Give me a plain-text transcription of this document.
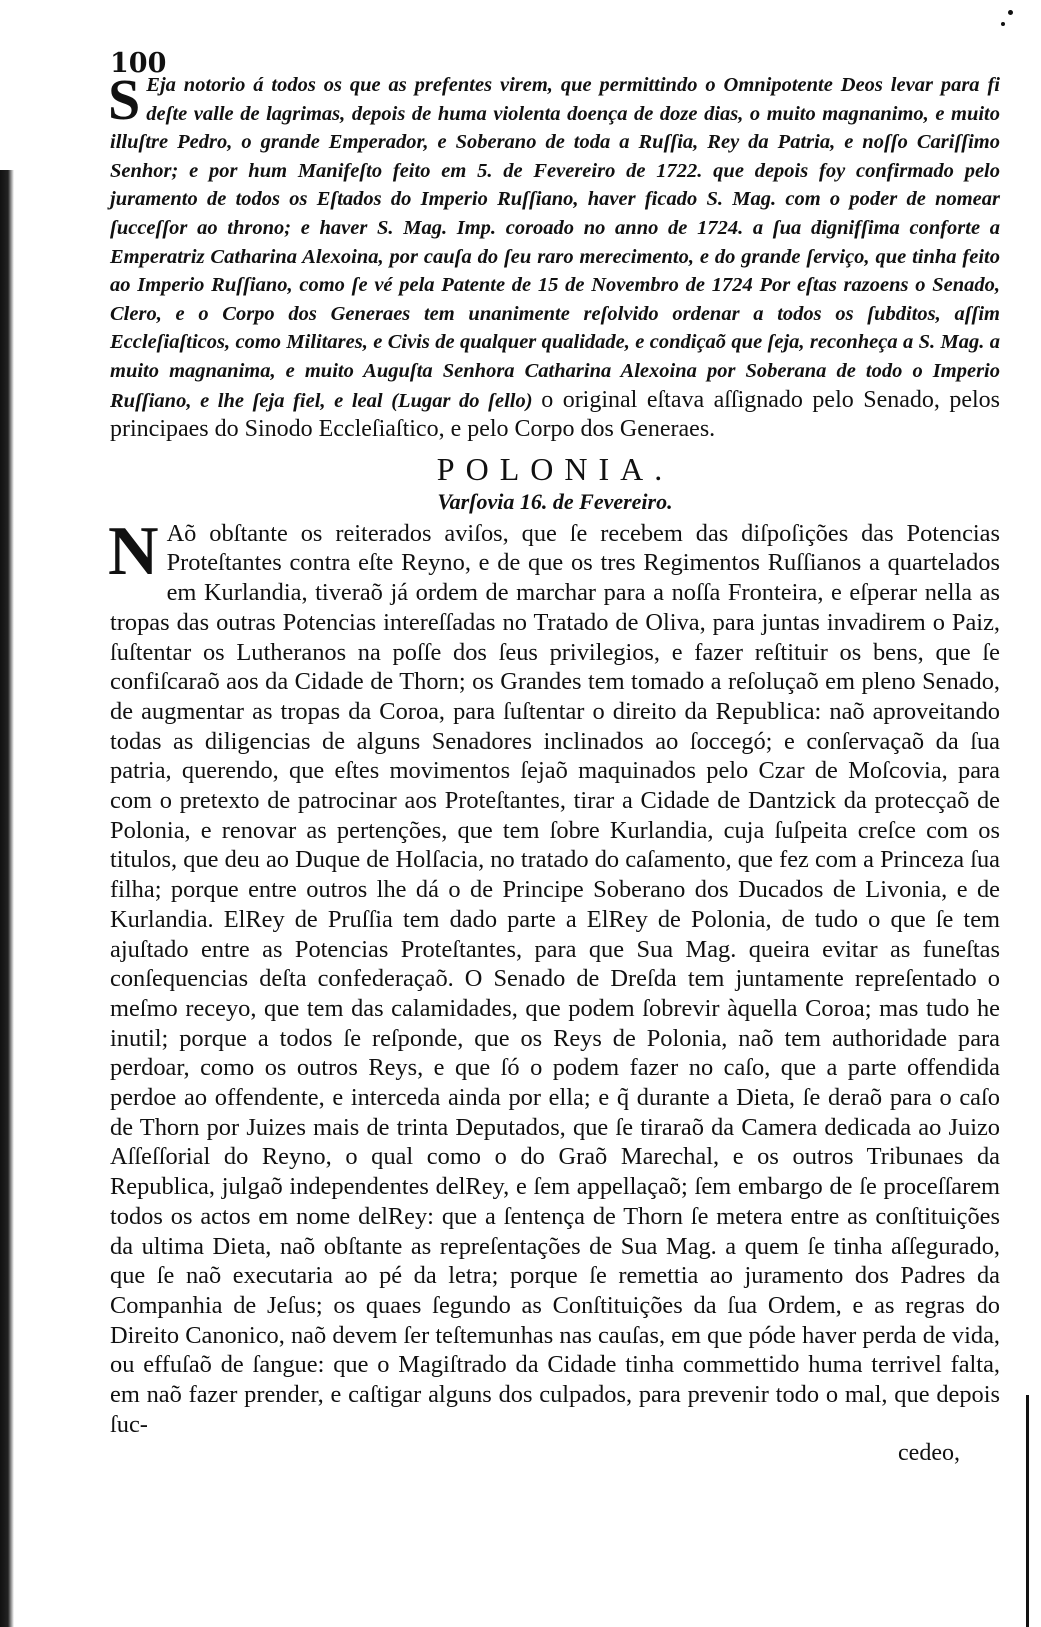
100
S Eja notorio á todos os que as prefentes virem, que permittindo o Omnipotente Deos levar para fi deſte valle de lagrimas, depois de huma violenta doença de doze dias, o muito magnanimo, e muito illuſtre Pedro, o grande Emperador, e Soberano de toda a Ruſſia, Rey da Patria, e noſſo Cariſſimo Senhor; e por hum Manifeſto feito em 5. de Fevereiro de 1722. que depois foy confirmado pelo juramento de todos os Eſtados do Imperio Ruſſiano, haver ficado S. Mag. com o poder de nomear ſucceſſor ao throno; e haver S. Mag. Imp. coroado no anno de 1724. a ſua dignifſima conforte a Emperatriz Catharina Alexoina, por cauſa do ſeu raro merecimento, e do grande ſerviço, que tinha feito ao Imperio Ruſſiano, como ſe vé pela Patente de 15 de Novembro de 1724 Por eſtas razoens o Senado, Clero, e o Corpo dos Generaes tem unanimente reſolvido ordenar a todos os ſubditos, aſſim Eccleſiaſticos, como Militares, e Civis de qualquer qualidade, e condiçaõ que ſeja, reconheça a S. Mag. a muito magnanima, e muito Auguſta Senhora Catharina Alexoina por Soberana de todo o Imperio Ruſſiano, e lhe ſeja fiel, e leal (Lugar do ſello) o original eſtava aſſignado pelo Senado, pelos principaes do Sinodo Eccleſiaſtico, e pelo Corpo dos Generaes.
POLONIA.
Varſovia 16. de Fevereiro.

N Aõ obſtante os reiterados aviſos, que ſe recebem das diſpoſições das Potencias Proteſtantes contra eſte Reyno, e de que os tres Regimentos Ruſſianos a quartelados em Kurlandia, tiveraõ já ordem de marchar para a noſſa Fronteira, e eſperar nella as tropas das outras Potencias intereſſadas no Tratado de Oliva, para juntas invadirem o Paiz, ſuſtentar os Lutheranos na poſſe dos ſeus privilegios, e fazer reſtituir os bens, que ſe confiſcaraõ aos da Cidade de Thorn; os Grandes tem tomado a reſoluçaõ em pleno Senado, de augmentar as tropas da Coroa, para ſuſtentar o direito da Republica: naõ aproveitando todas as diligencias de alguns Senadores inclinados ao ſoccegó; e conſervaçaõ da ſua patria, querendo, que eſtes movimentos ſejaõ maquinados pelo Czar de Moſcovia, para com o pretexto de patrocinar aos Proteſtantes, tirar a Cidade de Dantzick da protecçaõ de Polonia, e renovar as pertenções, que tem ſobre Kurlandia, cuja ſuſpeita creſce com os titulos, que deu ao Duque de Holſacia, no tratado do caſamento, que fez com a Princeza ſua filha; porque entre outros lhe dá o de Principe Soberano dos Ducados de Livonia, e de Kurlandia. ElRey de Pruſſia tem dado parte a ElRey de Polonia, de tudo o que ſe tem ajuſtado entre as Potencias Proteſtantes, para que Sua Mag. queira evitar as funeſtas conſequencias deſta confederaçaõ. O Senado de Dreſda tem juntamente repreſentado o meſmo receyo, que tem das calamidades, que podem ſobrevir àquella Coroa; mas tudo he inutil; porque a todos ſe reſponde, que os Reys de Polonia, naõ tem authoridade para perdoar, como os outros Reys, e que ſó o podem fazer no caſo, que a parte offendida perdoe ao offendente, e interceda ainda por ella; e q̃ durante a Dieta, ſe deraõ para o caſo de Thorn por Juizes mais de trinta Deputados, que ſe tiraraõ da Camera dedicada ao Juizo Aſſeſſorial do Reyno, o qual como o do Graõ Marechal, e os outros Tribunaes da Republica, julgaõ independentes delRey, e ſem appellaçaõ; ſem embargo de ſe proceſſarem todos os actos em nome delRey: que a ſentença de Thorn ſe metera entre as conſtituições da ultima Dieta, naõ obſtante as repreſentações de Sua Mag. a quem ſe tinha aſſegurado, que ſe naõ executaria ao pé da letra; porque ſe remettia ao juramento dos Padres da Companhia de Jeſus; os quaes ſegundo as Conſtituições da ſua Ordem, e as regras do Direito Canonico, naõ devem ſer teſtemunhas nas cauſas, em que póde haver perda de vida, ou effuſaõ de ſangue: que o Magiſtrado da Cidade tinha commettido huma terrivel falta, em naõ fazer prender, e caſtigar alguns dos culpados, para prevenir todo o mal, que depois ſuc-

cedeo,
